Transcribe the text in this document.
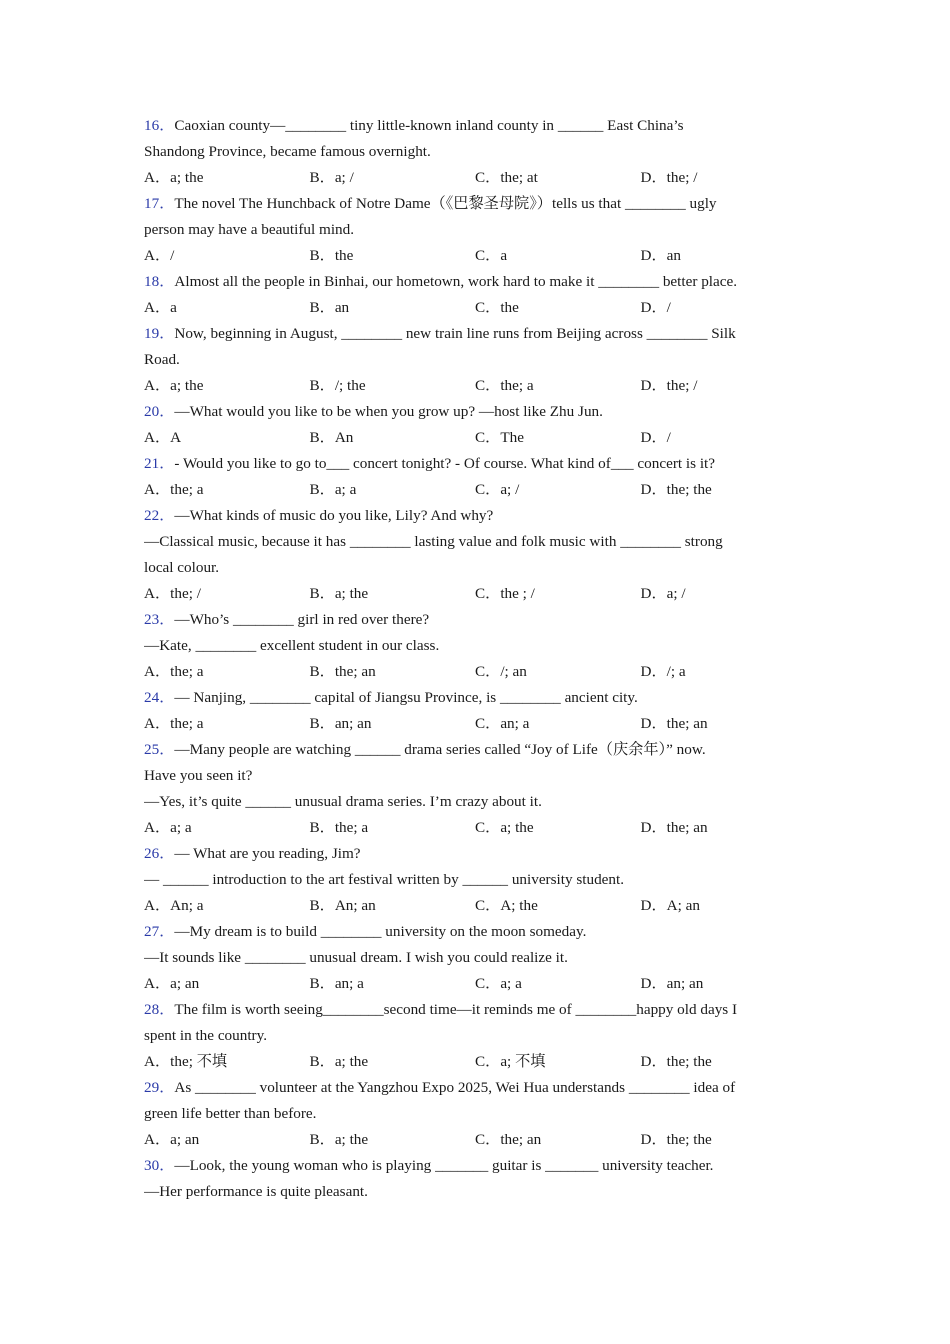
16．Caoxian county—________ tiny little-known inland county in ______ East China’s
Shandong Province, became famous overnight.
A．a; the	B．a; /	C．the; at	D．the; /
17．The novel The Hunchback of Notre Dame（《巴黎圣母院》）tells us that ________ ugly
person may have a beautiful mind.
A．/	B．the	C．a	D．an
18．Almost all the people in Binhai, our hometown, work hard to make it ________ better place.
A．a	B．an	C．the	D．/
19．Now, beginning in August, ________ new train line runs from Beijing across ________ Silk
Road.
A．a; the	B．/; the	C．the; a	D．the; /
20．—What would you like to be when you grow up? —host like Zhu Jun.
A．A	B．An	C．The	D．/
21．- Would you like to go to___ concert tonight? - Of course. What kind of___ concert is it?
A．the; a	B．a; a	C．a; /	D．the; the
22．—What kinds of music do you like, Lily? And why?
—Classical music, because it has ________ lasting value and folk music with ________ strong
local colour.
A．the; /	B．a; the	C．the ; /	D．a; /
23．—Who’s ________ girl in red over there?
—Kate, ________ excellent student in our class.
A．the; a	B．the; an	C．/; an	D．/; a
24．— Nanjing, ________ capital of Jiangsu Province, is ________ ancient city.
A．the; a	B．an; an	C．an; a	D．the; an
25．—Many people are watching ______ drama series called “Joy of Life（庆余年）” now.
Have you seen it?
—Yes, it’s quite ______ unusual drama series. I’m crazy about it.
A．a; a	B．the; a	C．a; the	D．the; an
26．— What are you reading, Jim?
— ______ introduction to the art festival written by ______ university student.
A．An; a	B．An; an	C．A; the	D．A; an
27．—My dream is to build ________ university on the moon someday.
—It sounds like ________ unusual dream. I wish you could realize it.
A．a; an	B．an; a	C．a; a	D．an; an
28．The film is worth seeing________second time—it reminds me of ________happy old days I
spent in the country.
A．the; 不填	B．a; the	C．a; 不填	D．the; the
29．As ________ volunteer at the Yangzhou Expo 2025, Wei Hua understands ________ idea of
green life better than before.
A．a; an	B．a; the	C．the; an	D．the; the
30．—Look, the young woman who is playing _______ guitar is _______ university teacher.
—Her performance is quite pleasant.
